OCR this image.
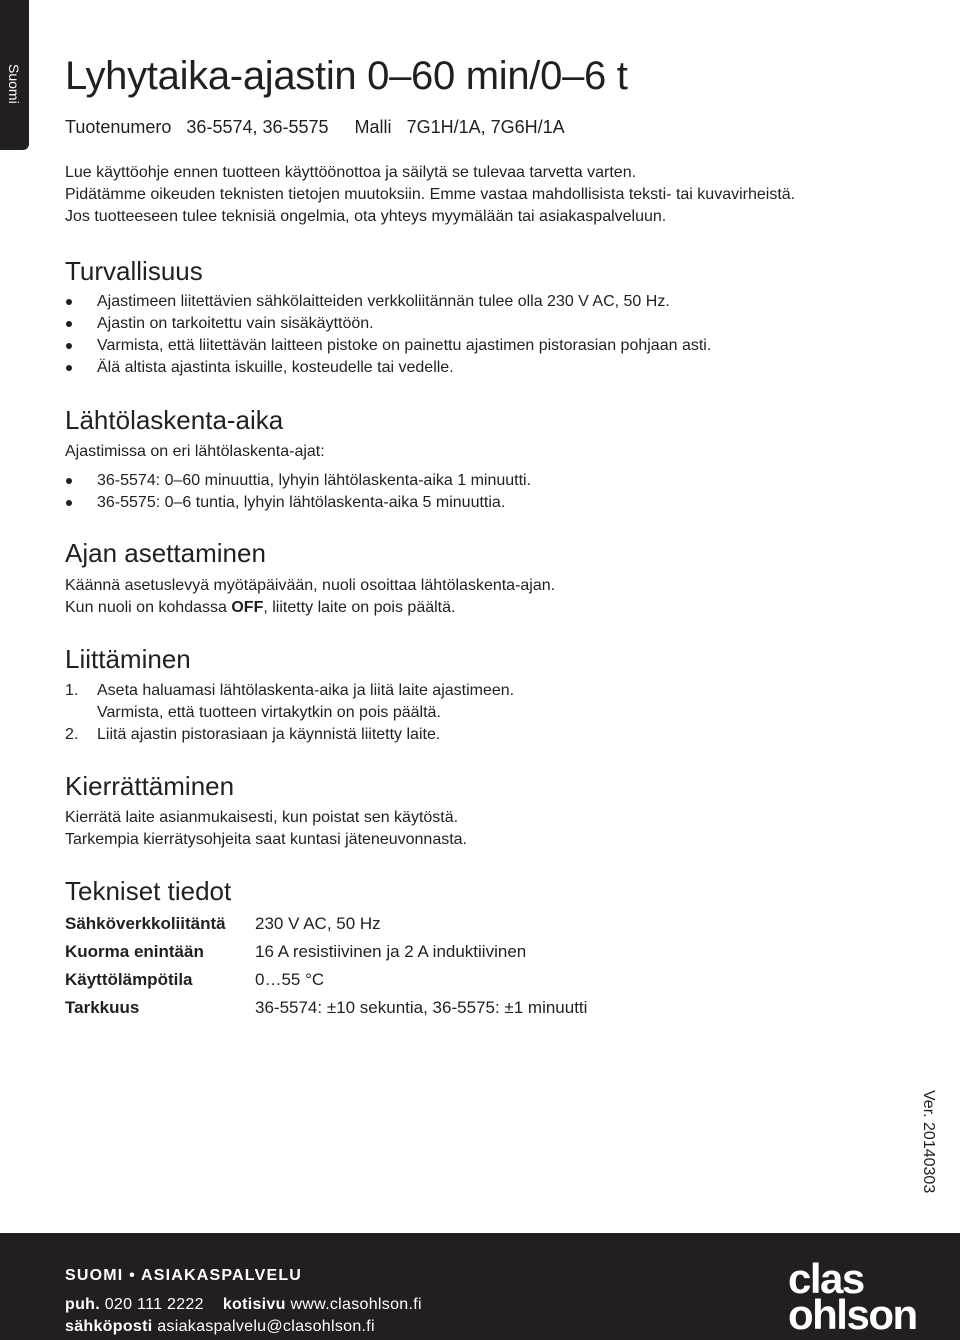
Suomi Lyhytaika-ajastin 0–60 min/0–6 t
Tuotenumero 36-5574, 36-5575 Malli 7G1H/1A, 7G6H/1A
Lue käyttöohje ennen tuotteen käyttöönottoa ja säilytä se tulevaa tarvetta varten.
Pidätämme oikeuden teknisten tietojen muutoksiin. Emme vastaa mahdollisista teksti- tai kuvavirheistä.
Jos tuotteeseen tulee teknisiä ongelmia, ota yhteys myymälään tai asiakaspalveluun.
Turvallisuus
Ajastimeen liitettävien sähkölaitteiden verkkoliitännän tulee olla 230 V AC, 50 Hz.
Ajastin on tarkoitettu vain sisäkäyttöön.
Varmista, että liitettävän laitteen pistoke on painettu ajastimen pistorasian pohjaan asti.
Älä altista ajastinta iskuille, kosteudelle tai vedelle.
Lähtölaskenta-aika
Ajastimissa on eri lähtölaskenta-ajat:
36-5574: 0–60 minuuttia, lyhyin lähtölaskenta-aika 1 minuutti.
36-5575: 0–6 tuntia, lyhyin lähtölaskenta-aika 5 minuuttia.
Ajan asettaminen
Käännä asetuslevyä myötäpäivään, nuoli osoittaa lähtölaskenta-ajan.
Kun nuoli on kohdassa OFF, liitetty laite on pois päältä.
Liittäminen
1. Aseta haluamasi lähtölaskenta-aika ja liitä laite ajastimeen.
Varmista, että tuotteen virtakytkin on pois päältä.
2. Liitä ajastin pistorasiaan ja käynnistä liitetty laite.
Kierrättäminen
Kierrätä laite asianmukaisesti, kun poistat sen käytöstä.
Tarkempia kierrätysohjeita saat kuntasi jäteneuvonnasta.
Tekniset tiedot
Sähköverkkoliitäntä	230 V AC, 50 Hz
Kuorma enintään	16 A resistiivinen ja 2 A induktiivinen
Käyttölämpötila	0…55 °C
Tarkkuus	36-5574: ±10 sekuntia, 36-5575: ±1 minuutti
Ver. 20140303
SUOMI • ASIAKASPALVELU
puh. 020 111 2222 kotisivu www.clasohlson.fi
sähköposti asiakaspalvelu@clasohlson.fi
clas
ohlson
